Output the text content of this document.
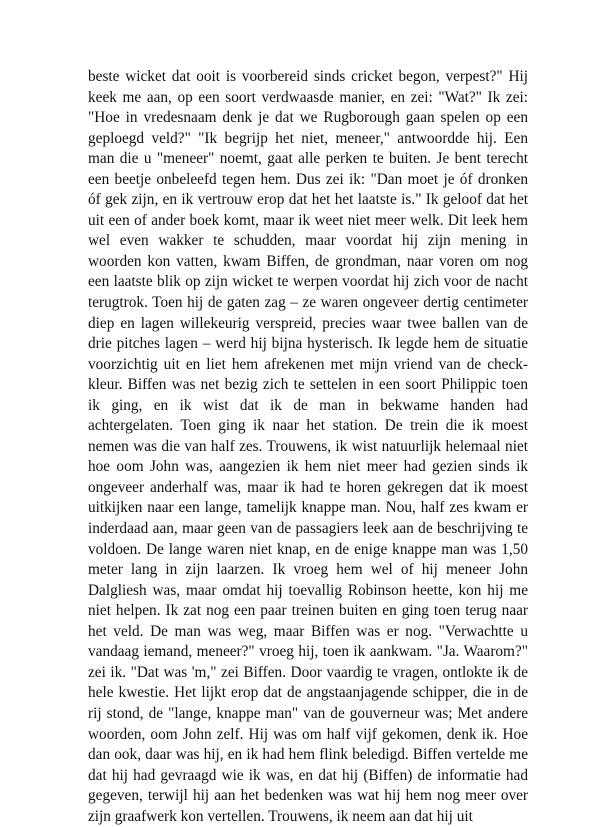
beste wicket dat ooit is voorbereid sinds cricket begon, verpest?" Hij
keek me aan, op een soort verdwaasde manier, en zei: "Wat?" Ik zei:
"Hoe in vredesnaam denk je dat we Rugborough gaan spelen op een
geploegd veld?" "Ik begrijp het niet, meneer," antwoordde hij. Een
man die u "meneer" noemt, gaat alle perken te buiten. Je bent terecht
een beetje onbeleefd tegen hem. Dus zei ik: "Dan moet je óf dronken
óf gek zijn, en ik vertrouw erop dat het het laatste is." Ik geloof dat het
uit een of ander boek komt, maar ik weet niet meer welk. Dit leek hem
wel even wakker te schudden, maar voordat hij zijn mening in
woorden kon vatten, kwam Biffen, de grondman, naar voren om nog
een laatste blik op zijn wicket te werpen voordat hij zich voor de nacht
terugtrok. Toen hij de gaten zag – ze waren ongeveer dertig centimeter
diep en lagen willekeurig verspreid, precies waar twee ballen van de
drie pitches lagen – werd hij bijna hysterisch. Ik legde hem de situatie
voorzichtig uit en liet hem afrekenen met mijn vriend van de check-
kleur. Biffen was net bezig zich te settelen in een soort Philippic toen
ik ging, en ik wist dat ik de man in bekwame handen had
achtergelaten. Toen ging ik naar het station. De trein die ik moest
nemen was die van half zes. Trouwens, ik wist natuurlijk helemaal niet
hoe oom John was, aangezien ik hem niet meer had gezien sinds ik
ongeveer anderhalf was, maar ik had te horen gekregen dat ik moest
uitkijken naar een lange, tamelijk knappe man. Nou, half zes kwam er
inderdaad aan, maar geen van de passagiers leek aan de beschrijving te
voldoen. De lange waren niet knap, en de enige knappe man was 1,50
meter lang in zijn laarzen. Ik vroeg hem wel of hij meneer John
Dalgliesh was, maar omdat hij toevallig Robinson heette, kon hij me
niet helpen. Ik zat nog een paar treinen buiten en ging toen terug naar
het veld. De man was weg, maar Biffen was er nog. "Verwachtte u
vandaag iemand, meneer?" vroeg hij, toen ik aankwam. "Ja. Waarom?"
zei ik. "Dat was 'm," zei Biffen. Door vaardig te vragen, ontlokte ik de
hele kwestie. Het lijkt erop dat de angstaanjagende schipper, die in de
rij stond, de "lange, knappe man" van de gouverneur was; Met andere
woorden, oom John zelf. Hij was om half vijf gekomen, denk ik. Hoe
dan ook, daar was hij, en ik had hem flink beledigd. Biffen vertelde me
dat hij had gevraagd wie ik was, en dat hij (Biffen) de informatie had
gegeven, terwijl hij aan het bedenken was wat hij hem nog meer over
zijn graafwerk kon vertellen. Trouwens, ik neem aan dat hij uit
